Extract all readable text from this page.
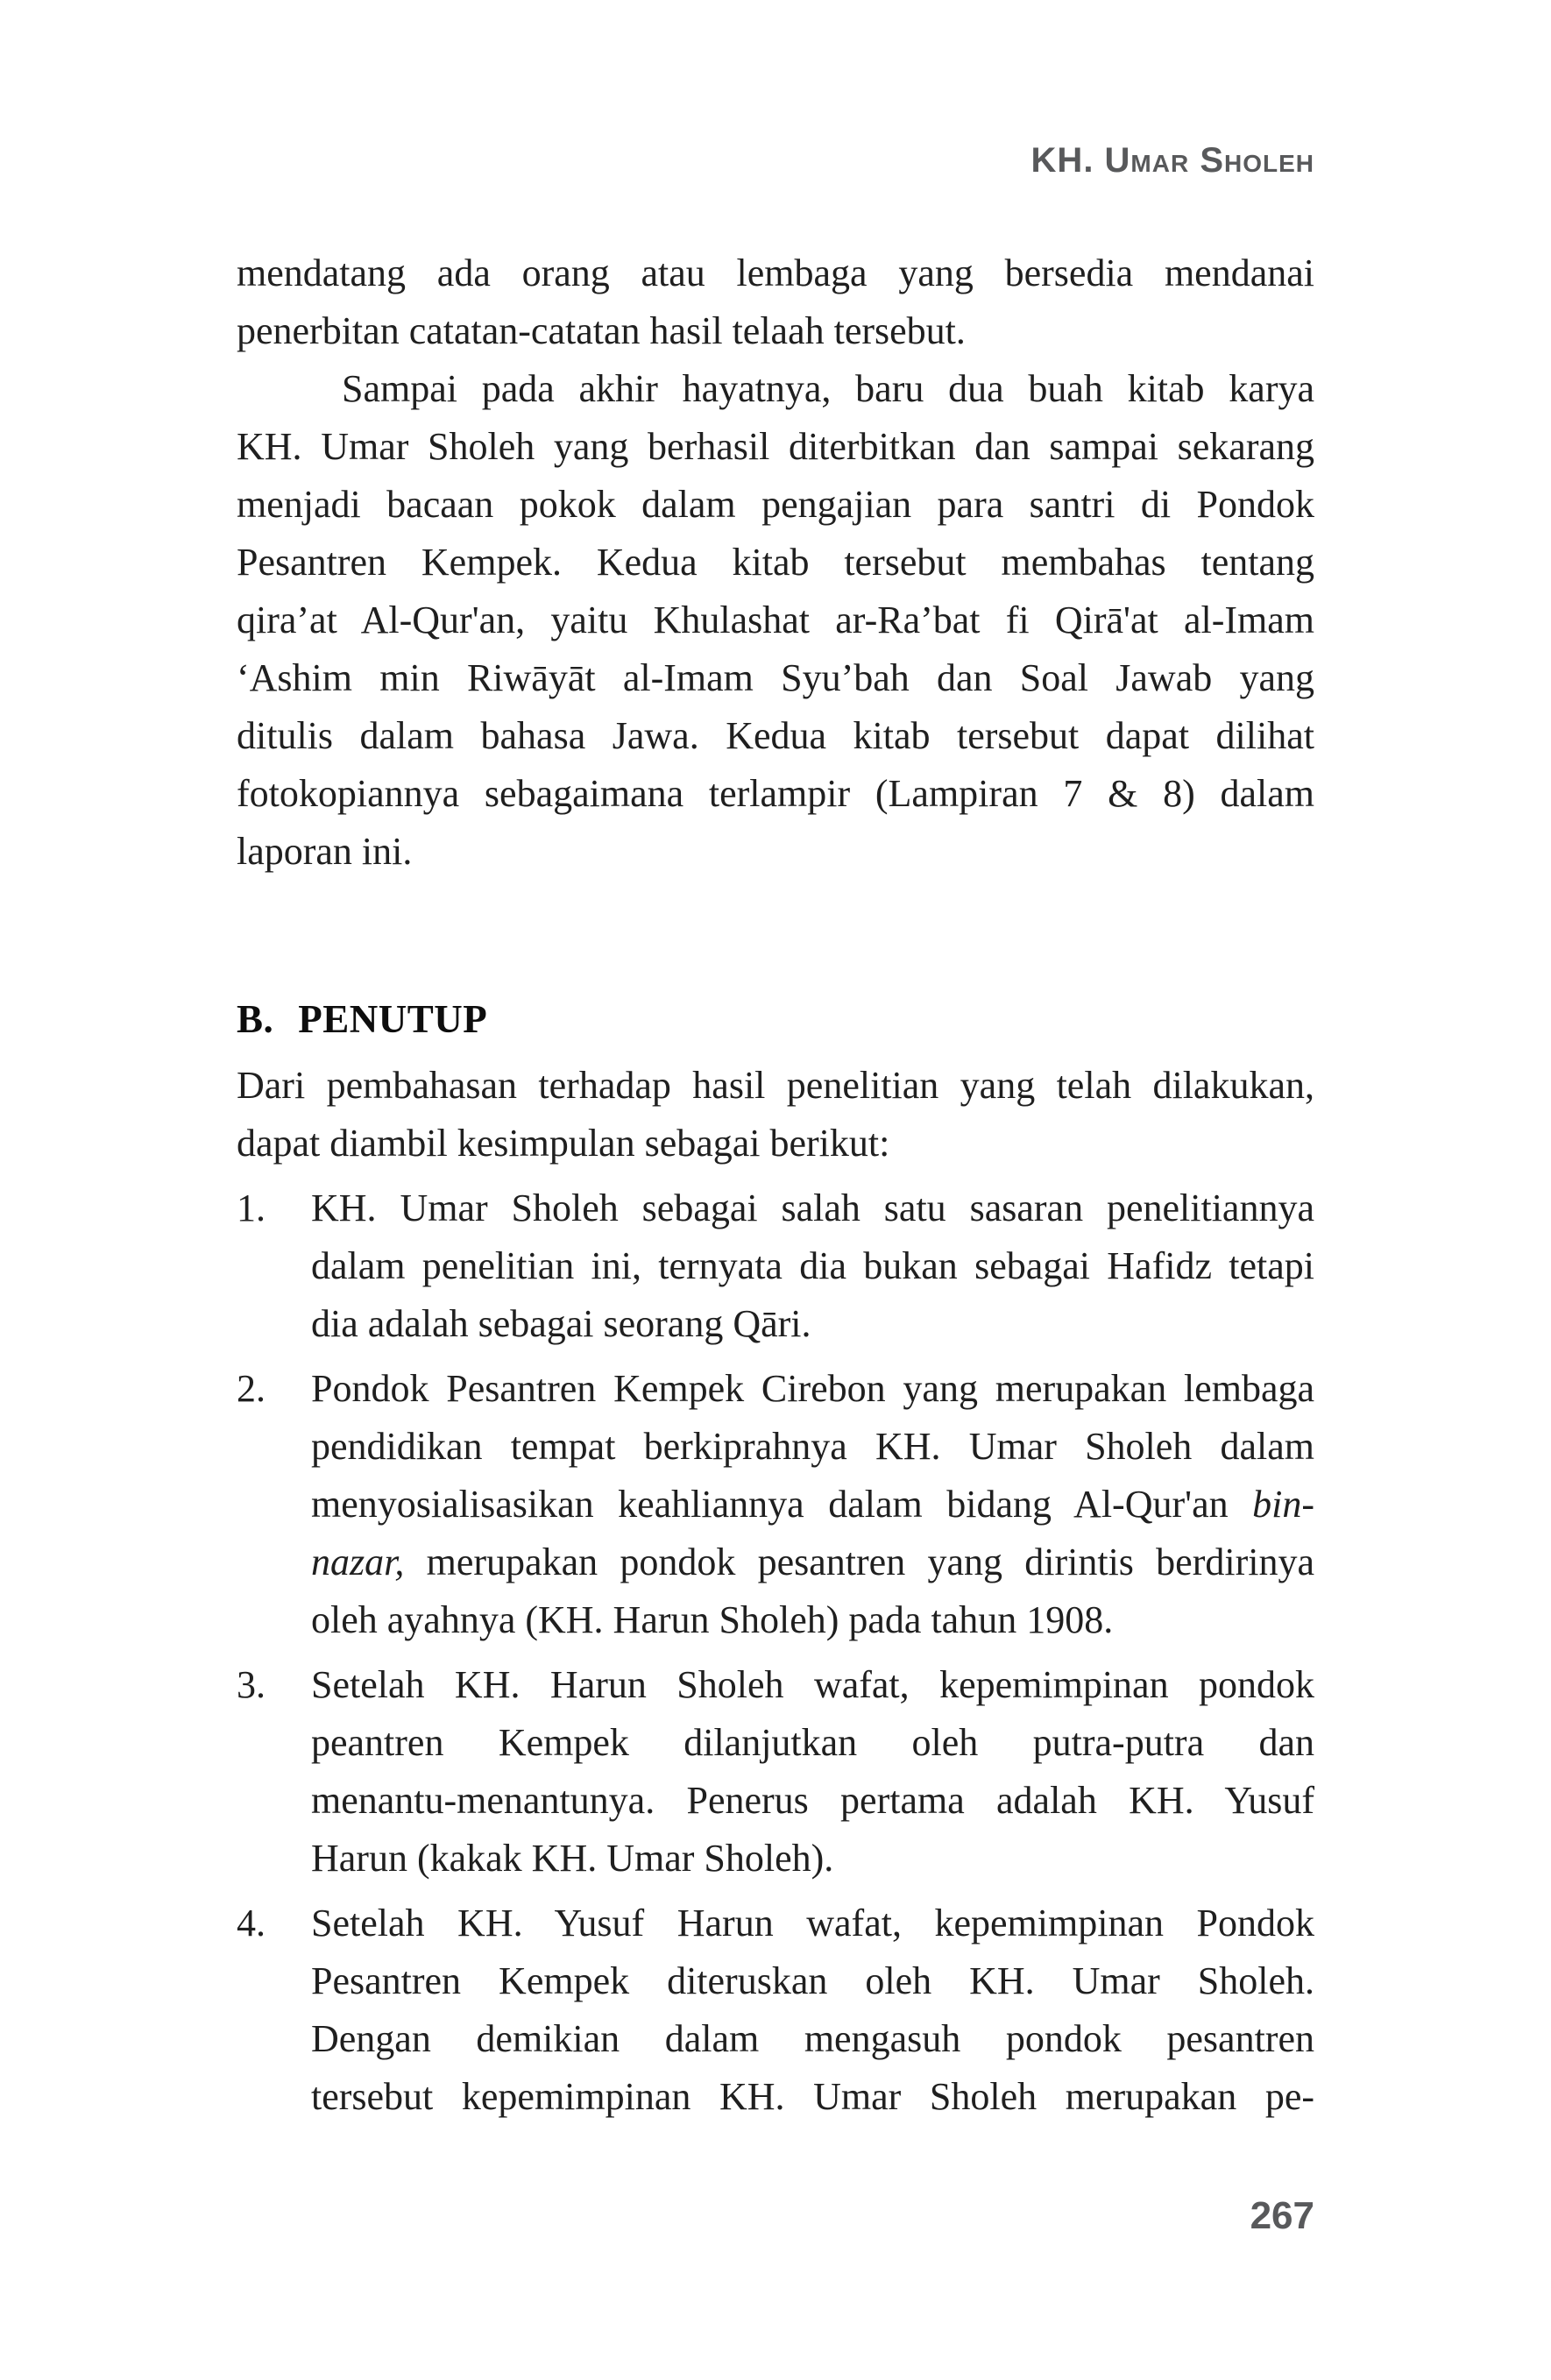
KH. Umar Sholeh
mendatang ada orang atau lembaga yang bersedia mendanai
penerbitan catatan-catatan hasil telaah tersebut.
Sampai pada akhir hayatnya, baru dua buah kitab karya
KH. Umar Sholeh yang berhasil diterbitkan dan sampai sekarang
menjadi bacaan pokok dalam pengajian para santri di Pondok
Pesantren Kempek. Kedua kitab tersebut membahas tentang
qira’at Al-Qur'an, yaitu Khulashat ar-Ra’bat fi Qirā'at al-Imam
‘Ashim min Riwāyāt al-Imam Syu’bah dan Soal Jawab yang
ditulis dalam bahasa Jawa. Kedua kitab tersebut dapat dilihat
fotokopiannya sebagaimana terlampir (Lampiran 7 & 8) dalam
laporan ini.
B. PENUTUP
Dari pembahasan terhadap hasil penelitian yang telah dilakukan,
dapat diambil kesimpulan sebagai berikut:
1. KH. Umar Sholeh sebagai salah satu sasaran penelitiannya
dalam penelitian ini, ternyata dia bukan sebagai Hafidz tetapi
dia adalah sebagai seorang Qāri.
2. Pondok Pesantren Kempek Cirebon yang merupakan lembaga
pendidikan tempat berkiprahnya KH. Umar Sholeh dalam
menyosialisasikan keahliannya dalam bidang Al-Qur'an bin-
nazar, merupakan pondok pesantren yang dirintis berdirinya
oleh ayahnya (KH. Harun Sholeh) pada tahun 1908.
3. Setelah KH. Harun Sholeh wafat, kepemimpinan pondok
peantren Kempek dilanjutkan oleh putra-putra dan
menantu-menantunya. Penerus pertama adalah KH. Yusuf
Harun (kakak KH. Umar Sholeh).
4. Setelah KH. Yusuf Harun wafat, kepemimpinan Pondok
Pesantren Kempek diteruskan oleh KH. Umar Sholeh.
Dengan demikian dalam mengasuh pondok pesantren
tersebut kepemimpinan KH. Umar Sholeh merupakan pe-
267
